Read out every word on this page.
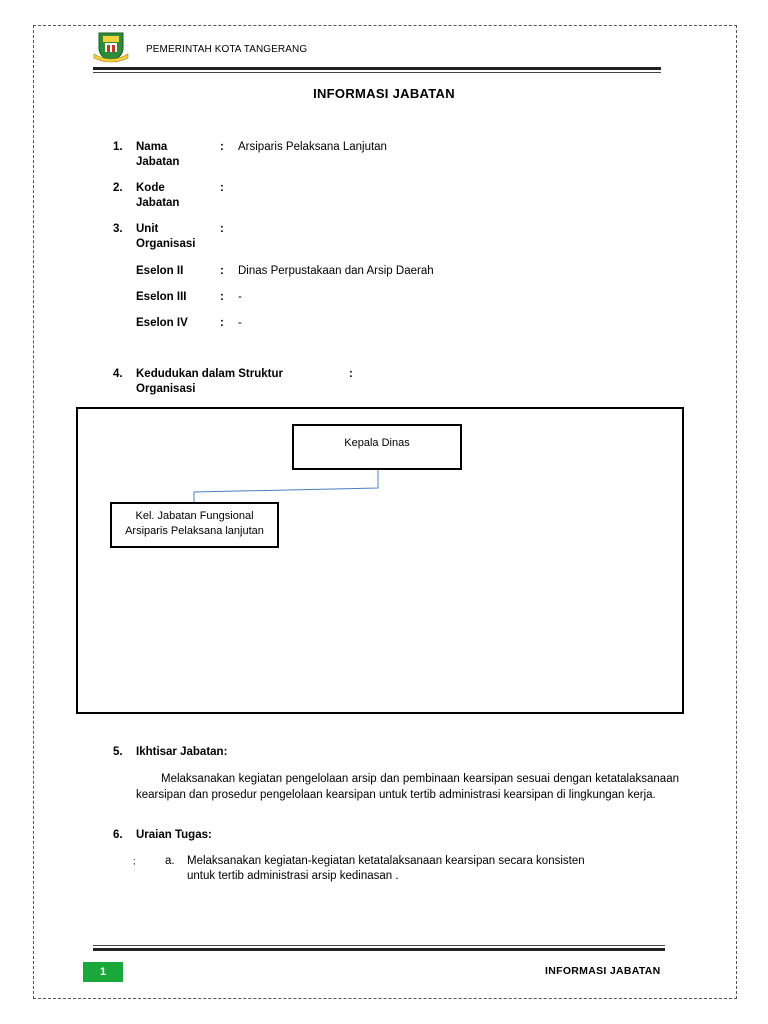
PEMERINTAH KOTA TANGERANG
INFORMASI JABATAN
1. Nama
Jabatan
: Arsiparis Pelaksana Lanjutan
2. Kode
Jabatan
:
3. Unit
Organisasi
:
Eselon II	: Dinas Perpustakaan dan Arsip Daerah
Eselon III	: -
Eselon IV	: -
4. Kedudukan dalam Struktur
Organisasi
:
Kepala Dinas
Kel. Jabatan Fungsional
Arsiparis Pelaksana lanjutan
5. Ikhtisar Jabatan:
Melaksanakan kegiatan pengelolaan arsip dan pembinaan kearsipan sesuai dengan ketatalaksanaan kearsipan dan prosedur pengelolaan kearsipan untuk tertib administrasi kearsipan di lingkungan kerja.
6. Uraian Tugas:
;	a. Melaksanakan kegiatan-kegiatan ketatalaksanaan kearsipan secara konsisten
untuk tertib administrasi arsip kedinasan .
1	INFORMASI JABATAN
